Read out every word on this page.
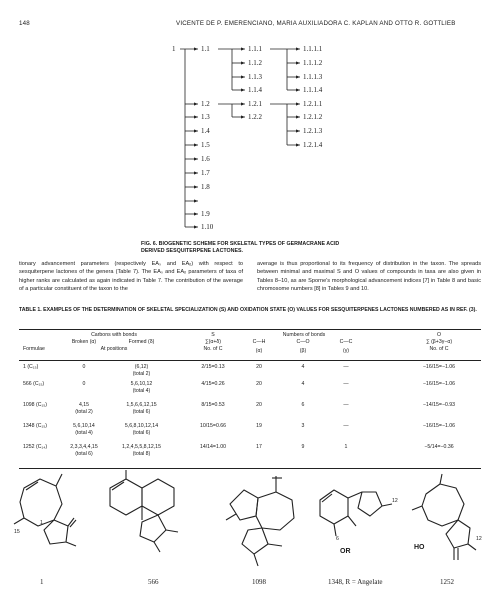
148	VICENTE DE P. EMERENCIANO, MARIA AUXILIADORA C. KAPLAN AND OTTO R. GOTTLIEB
1	1.1
1.2
1.3
1.4
1.5
1.6
1.7
1.8
1.9
1.10
1.1.1
1.1.2
1.1.3
1.1.4
1.2.1
1.2.2
1.1.1.1
1.1.1.2
1.1.1.3
1.1.1.4
1.2.1.1
1.2.1.2
1.2.1.3
1.2.1.4
FIG. 6. BIOGENETIC SCHEME FOR SKELETAL TYPES OF GERMACRANE ACID DERIVED SESQUITERPENE LACTONES.

tionary advancement parameters (respectively EAₛ and EAₒ) with respect to sesquiterpene lactones of the genera (Table 7). The EAₛ and EAₒ parameters of taxa of higher ranks are calculated as again indicated in Table 7. The contribution of the average of a particular constituent of the taxon to the

average is thus proportional to its frequency of distribution in the taxon. The spreads between minimal and maximal S and O values of compounds in taxa are also given in Tables 8–10, as are Sporne's morphological advancement indices [7] in Table 8 and basic chromosome numbers [8] in Tables 9 and 10.

TABLE 1. EXAMPLES OF THE DETERMINATION OF SKELETAL SPECIALIZATION (S) AND OXIDATION STATE (O) VALUES FOR SESQUITERPENES LACTONES NUMBERED AS IN REF. (3).
Carbons with bonds
Broken (α)	Formed (δ)
Formulae	At positions
S
∑(α+δ)
No. of C
Numbers of bonds
C—H	C—O	C—C
(α)	(β)	(γ)
O
∑ (β+3γ−α)
No. of C
1 (C₁₅)	0	(6,12)	2/15=0.13	20	4	—	−16/15=−1.06
(total 2)
566 (C₁₅)	0	5,6,10,12	4/15=0.26	20	4	—	−16/15=−1.06
(total 4)
1098 (C₁₅)	4,15	1,5,6,6,12,15	8/15=0.53	20	6	—	−14/15=−0.93
(total 2)	(total 6)
1348 (C₁₅)	5,6,10,14	5,6,8,10,12,14	10/15=0.66	19	3	—	−16/15=−1.06
(total 4)	(total 6)
1252 (C₁₄)	2,3,3,4,4,15	1,2,4,5,5,8,12,15	14/14=1.00	17	9	1	−5/14=−0.36
(total 6)	(total 8)
1
15
6
12
OR
HO
12
1	566	1098	1348, R = Angelate	1252
